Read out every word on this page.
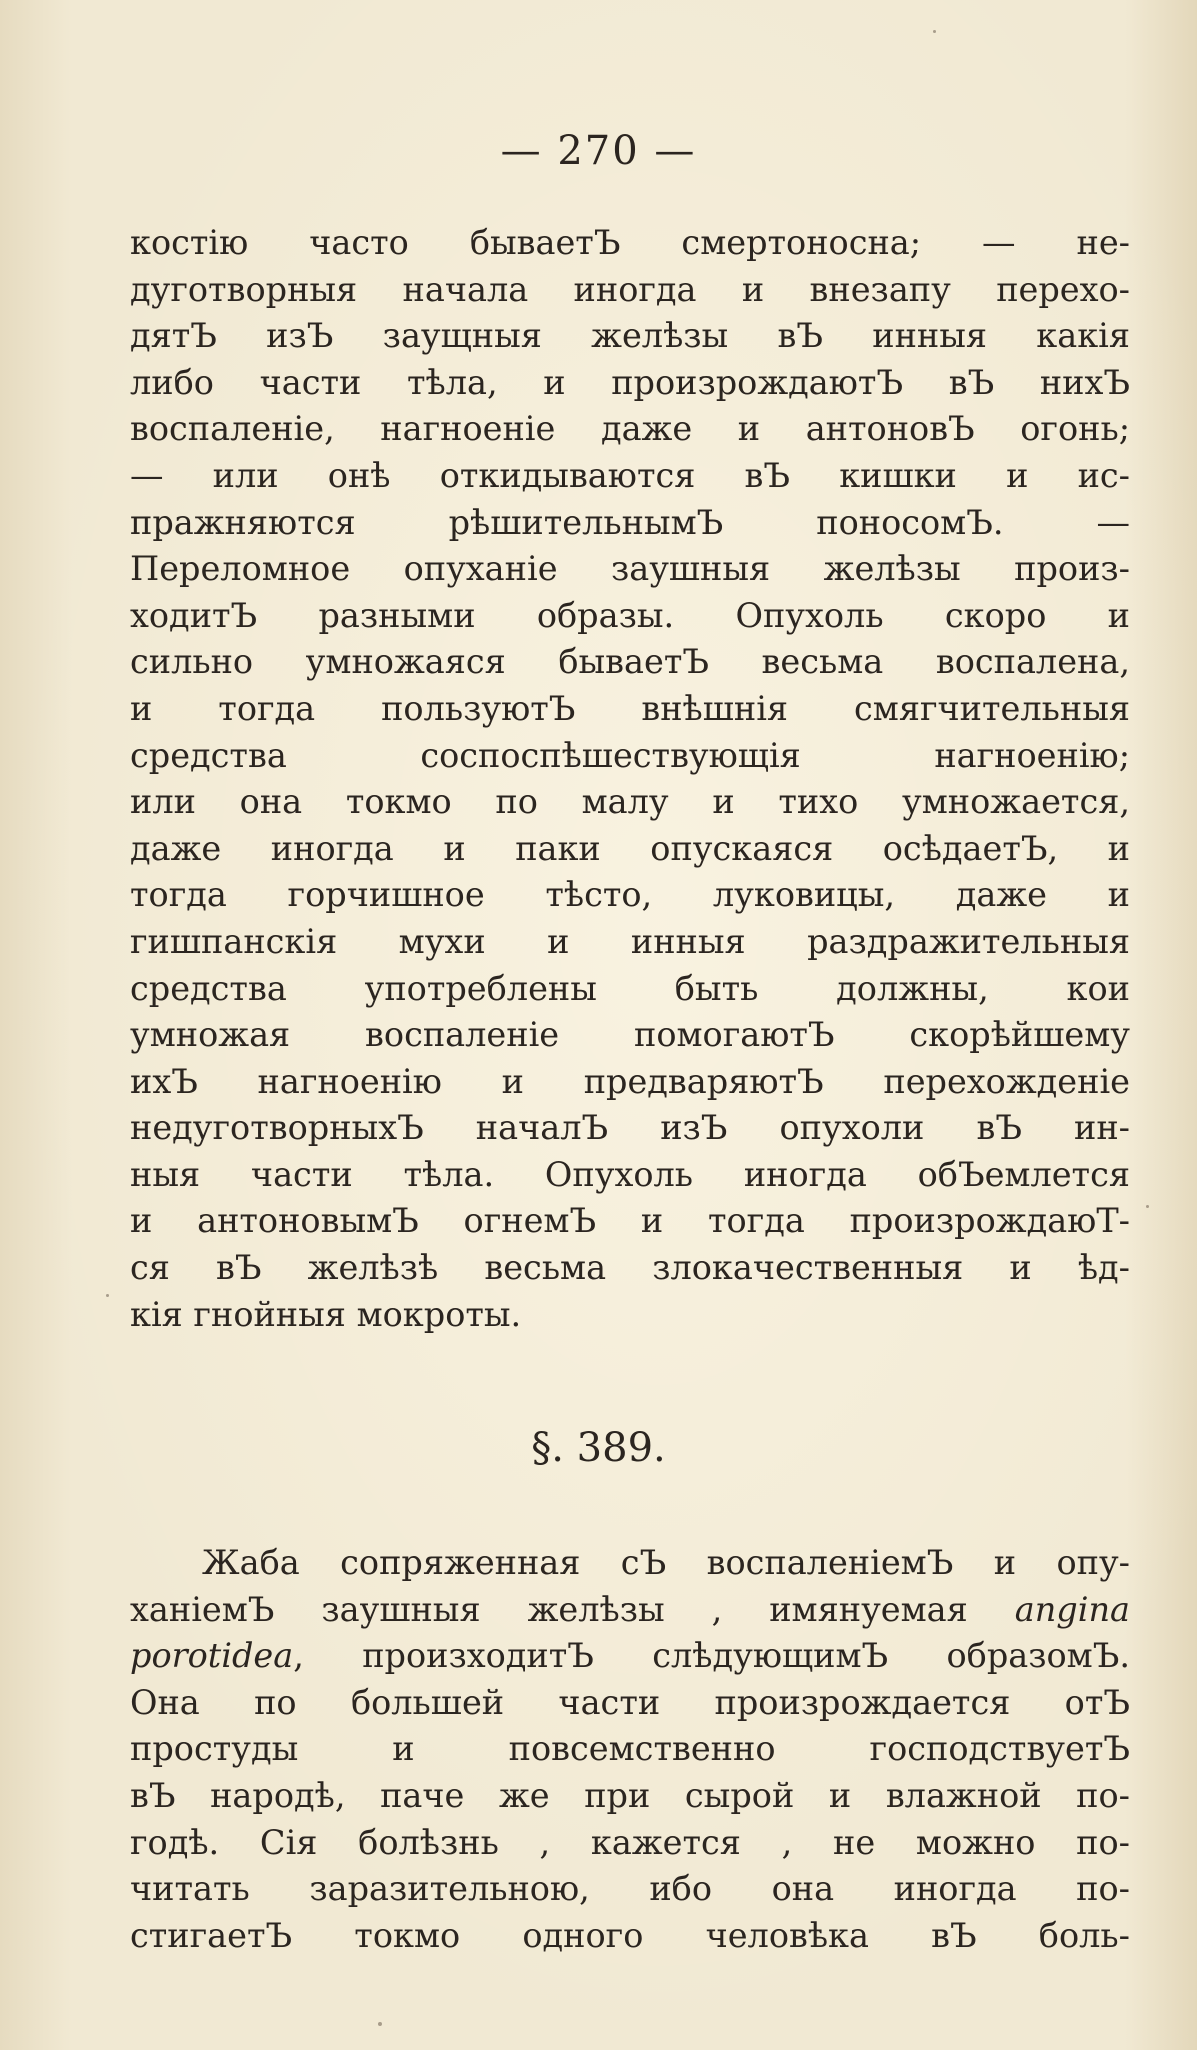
— 270 —
костію часто бываетЪ смертоносна; — не-
дуготворныя начала иногда и внезапу перехо-
дятЪ изЪ заущныя желѣзы вЪ инныя какія
либо части тѣла, и произрождаютЪ вЪ нихЪ
воспаленіе, нагноеніе даже и антоновЪ огонь;
— или онѣ откидываются вЪ кишки и ис-
пражняются рѣшительнымЪ поносомЪ. —
Переломное опуханіе заушныя желѣзы произ-
ходитЪ разными образы. Опухоль скоро и
сильно умножаяся бываетЪ весьма воспалена,
и тогда пользуютЪ внѣшнія смягчительныя
средства соспоспѣшествующія нагноенію;
или она токмо по малу и тихо умножается,
даже иногда и паки опускаяся осѣдаетЪ, и
тогда горчишное тѣсто, луковицы, даже и
гишпанскія мухи и инныя раздражительныя
средства употреблены быть должны, кои
умножая воспаленіе помогаютЪ скорѣйшему
ихЪ нагноенію и предваряютЪ перехожденіе
недуготворныхЪ началЪ изЪ опухоли вЪ ин-
ныя части тѣла. Опухоль иногда обЪемлется
и антоновымЪ огнемЪ и тогда произрождаюТ-
ся вЪ желѣзѣ весьма злокачественныя и ѣд-
кія гнойныя мокроты.
§. 389.
Жаба сопряженная сЪ воспаленіемЪ и опу-
ханіемЪ заушныя желѣзы , имянуемая angina
porotidea, произходитЪ слѣдующимЪ образомЪ.
Она по большей части произрождается отЪ
простуды и повсемственно господствуетЪ
вЪ народѣ, паче же при сырой и влажной по-
годѣ. Сія болѣзнь , кажется , не можно по-
читать заразительною, ибо она иногда по-
стигаетЪ токмо одного человѣка вЪ боль-
